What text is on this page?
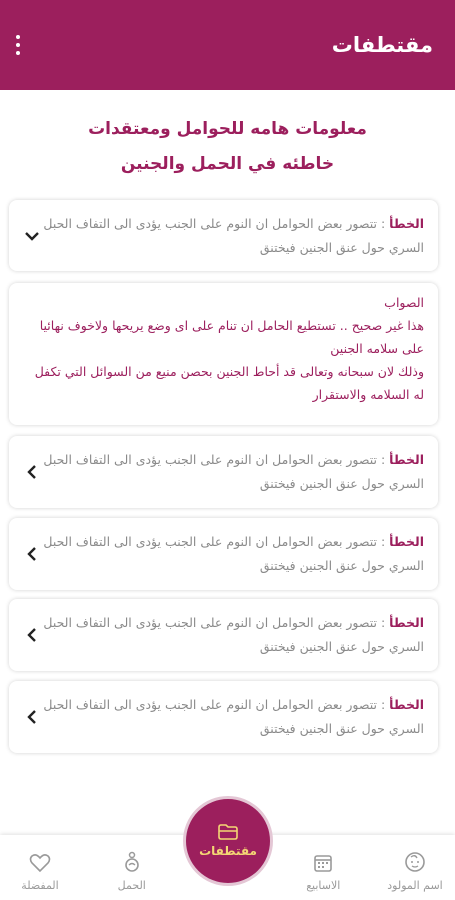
مقتطفات
معلومات هامه للحوامل ومعتقدات
خاطئه في الحمل والجنين
الخطأ : تتصور بعض الحوامل ان النوم على الجنب يؤدى الى التفاف الحبل السري حول عنق الجنين فيختنق
الصواب
هذا غير صحيح .. تستطيع الحامل ان تنام على اى وضع يريحها ولاخوف نهائيا على سلامه الجنين
وذلك لان سبحانه وتعالى قد أحاط الجنين بحصن منيع من السوائل التي تكفل له السلامه والاستقرار
الخطأ : تتصور بعض الحوامل ان النوم على الجنب يؤدى الى التفاف الحبل السري حول عنق الجنين فيختنق
الخطأ : تتصور بعض الحوامل ان النوم على الجنب يؤدى الى التفاف الحبل السري حول عنق الجنين فيختنق
الخطأ : تتصور بعض الحوامل ان النوم على الجنب يؤدى الى التفاف الحبل السري حول عنق الجنين فيختنق
الخطأ : تتصور بعض الحوامل ان النوم على الجنب يؤدى الى التفاف الحبل السري حول عنق الجنين فيختنق
اسم المولود
الاسابيع
الحمل
المفضلة
مقتطفات
